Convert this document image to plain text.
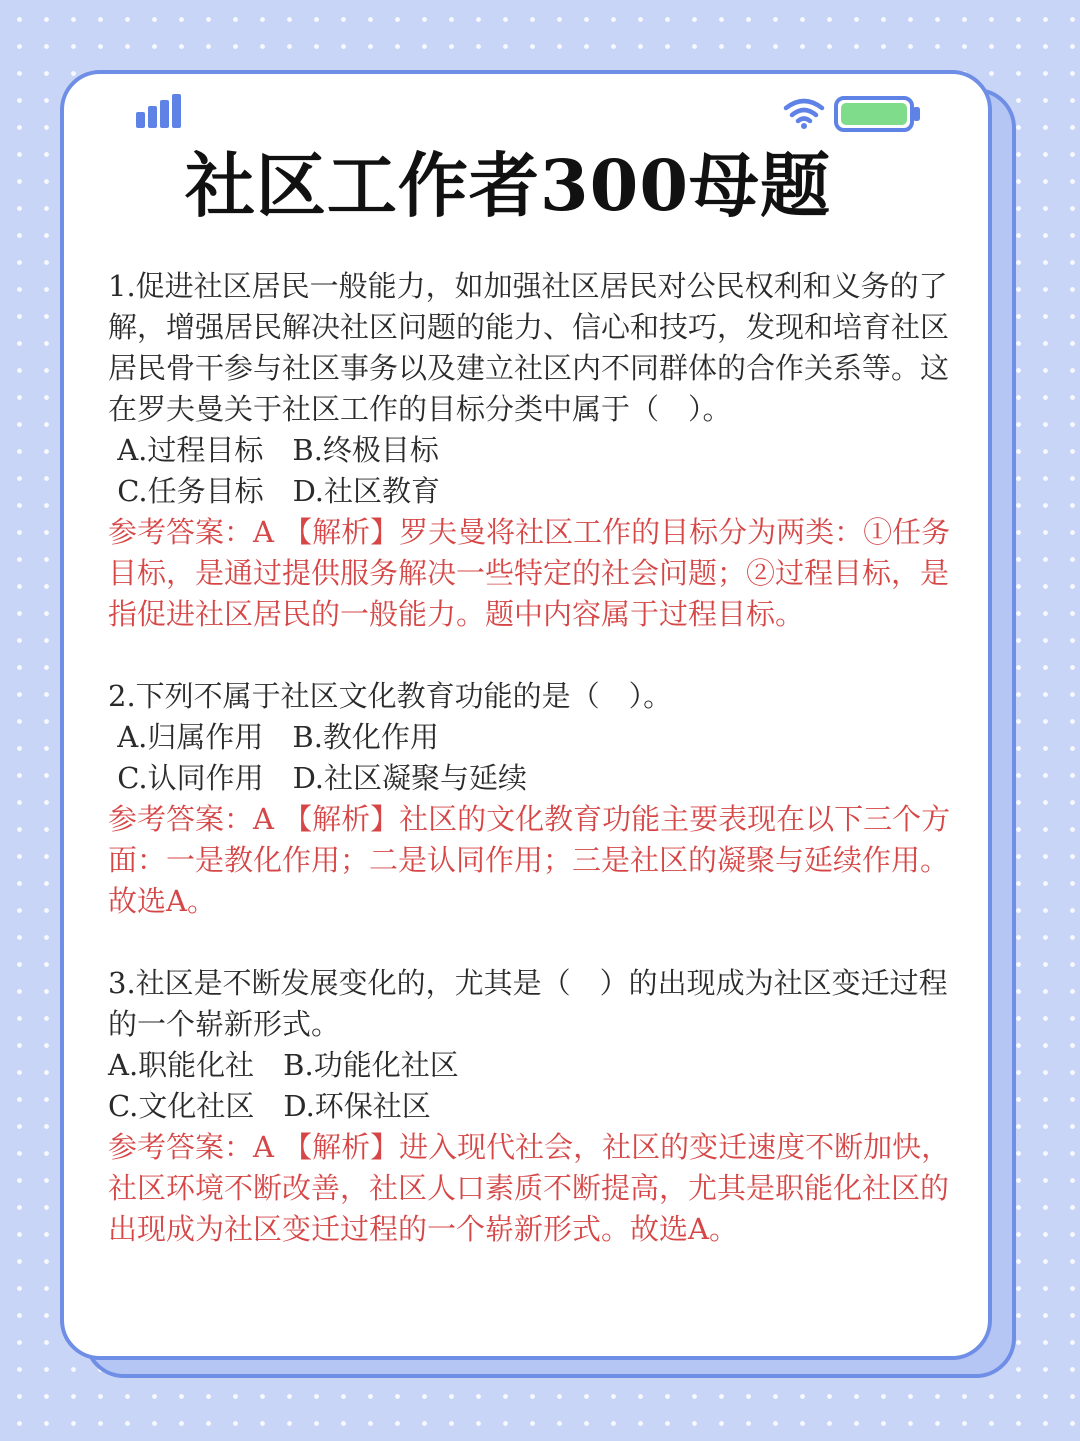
社区工作者300母题

1.促进社区居民一般能力，如加强社区居民对公民权利和义务的了解，增强居民解决社区问题的能力、信心和技巧，发现和培育社区居民骨干参与社区事务以及建立社区内不同群体的合作关系等。这在罗夫曼关于社区工作的目标分类中属于（　）。

A.过程目标　B.终极目标

C.任务目标　D.社区教育

参考答案：A 【解析】罗夫曼将社区工作的目标分为两类：①任务目标，是通过提供服务解决一些特定的社会问题；②过程目标，是指促进社区居民的一般能力。题中内容属于过程目标。

2.下列不属于社区文化教育功能的是（　）。

A.归属作用　B.教化作用

C.认同作用　D.社区凝聚与延续

参考答案：A 【解析】社区的文化教育功能主要表现在以下三个方面：一是教化作用；二是认同作用；三是社区的凝聚与延续作用。故选A。

3.社区是不断发展变化的，尤其是（　）的出现成为社区变迁过程的一个崭新形式。

A.职能化社　B.功能化社区

C.文化社区　D.环保社区

参考答案：A 【解析】进入现代社会，社区的变迁速度不断加快，社区环境不断改善，社区人口素质不断提高，尤其是职能化社区的出现成为社区变迁过程的一个崭新形式。故选A。
